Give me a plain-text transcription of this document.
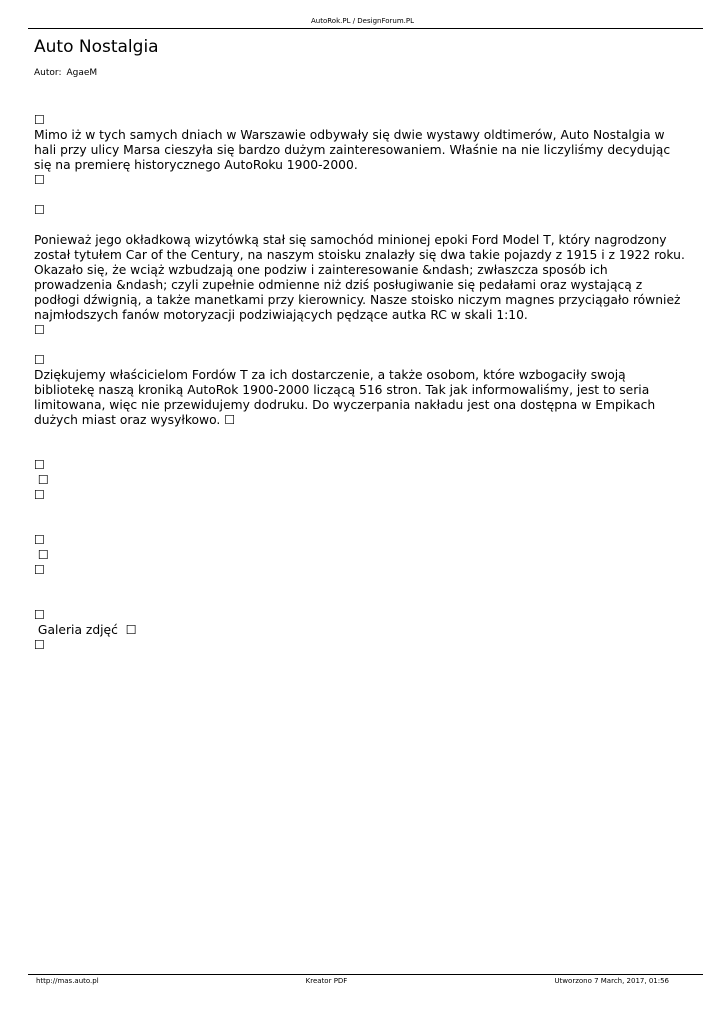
AutoRok.PL / DesignForum.PL
Auto Nostalgia
Autor: AgaeM
☐

Mimo iż w tych samych dniach w Warszawie odbywały się dwie wystawy oldtimerów, Auto Nostalgia w hali przy ulicy Marsa cieszyła się bardzo dużym zainteresowaniem. Właśnie na nie liczyliśmy decydując się na premierę historycznego AutoRoku 1900-2000.

☐
☐

Ponieważ jego okładkową wizytówką stał się samochód minionej epoki Ford Model T, który nagrodzony został tytułem Car of the Century, na naszym stoisku znalazły się dwa takie pojazdy z 1915 i z 1922 roku. Okazało się, że wciąż wzbudzają one podziw i zainteresowanie &ndash; zwłaszcza sposób ich prowadzenia &ndash; czyli zupełnie odmienne niż dziś posługiwanie się pedałami oraz wystającą z podłogi dźwignią, a także manetkami przy kierownicy. Nasze stoisko niczym magnes przyciągało również najmłodszych fanów motoryzacji podziwiających pędzące autka RC w skali 1:10.

☐
☐

Dziękujemy właścicielom Fordów T za ich dostarczenie, a także osobom, które wzbogaciły swoją bibliotekę naszą kroniką AutoRok 1900-2000 liczącą 516 stron. Tak jak informowaliśmy, jest to seria limitowana, więc nie przewidujemy dodruku. Do wyczerpania nakładu jest ona dostępna w Empikach dużych miast oraz wysyłkowo. ☐

☐
☐
☐
☐
☐
☐
☐
Galeria zdjęć ☐
☐
http://mas.auto.pl	Kreator PDF	Utworzono 7 March, 2017, 01:56
